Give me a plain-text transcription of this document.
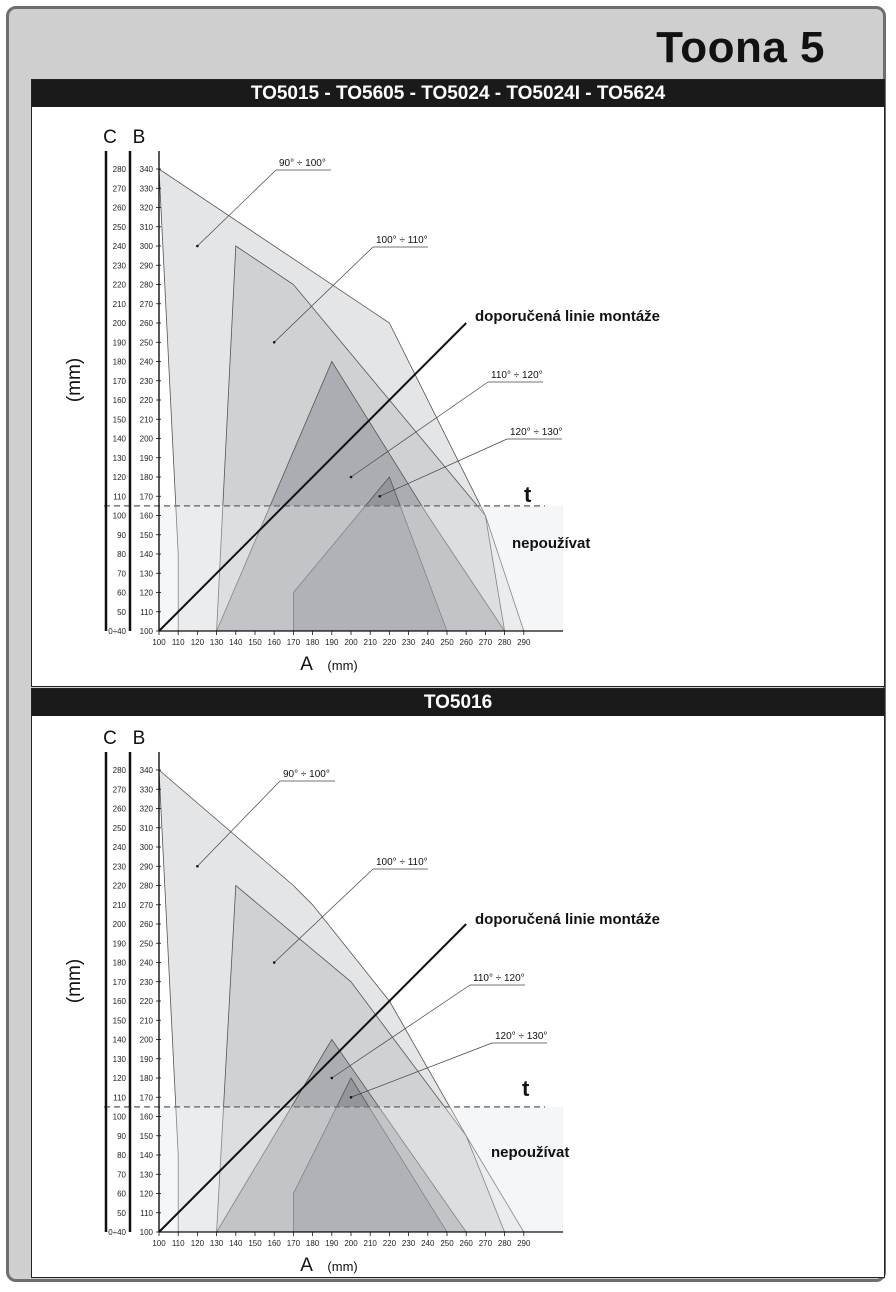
Toona 5
TO5015 - TO5605 - TO5024 - TO5024I - TO5624
100 110 120 130 140 150 160 170 180 190 200 210 220 230 240 250 260 270 280 290
100
110
120
130
140
150
160
170
180
190
200
210
220
230
240
250
260
270
280
290
300
310
320
330
340
0÷40
50
60
70
80
90
100
110
120
130
140
150
160
170
180
190
200
210
220
230
240
250
260
270
280
C B
A (mm)
(mm)
90° ÷ 100°
100° ÷ 110°
110° ÷ 120°
120° ÷ 130°
doporučená linie montáže
t
nepoužívat
TO5016
100 110 120 130 140 150 160 170 180 190 200 210 220 230 240 250 260 270 280 290
100
110
120
130
140
150
160
170
180
190
200
210
220
230
240
250
260
270
280
290
300
310
320
330
340
0÷40
50
60
70
80
90
100
110
120
130
140
150
160
170
180
190
200
210
220
230
240
250
260
270
280
C B
A (mm)
(mm)
90° ÷ 100°
100° ÷ 110°
110° ÷ 120°
120° ÷ 130°
doporučená linie montáže
t
nepoužívat
